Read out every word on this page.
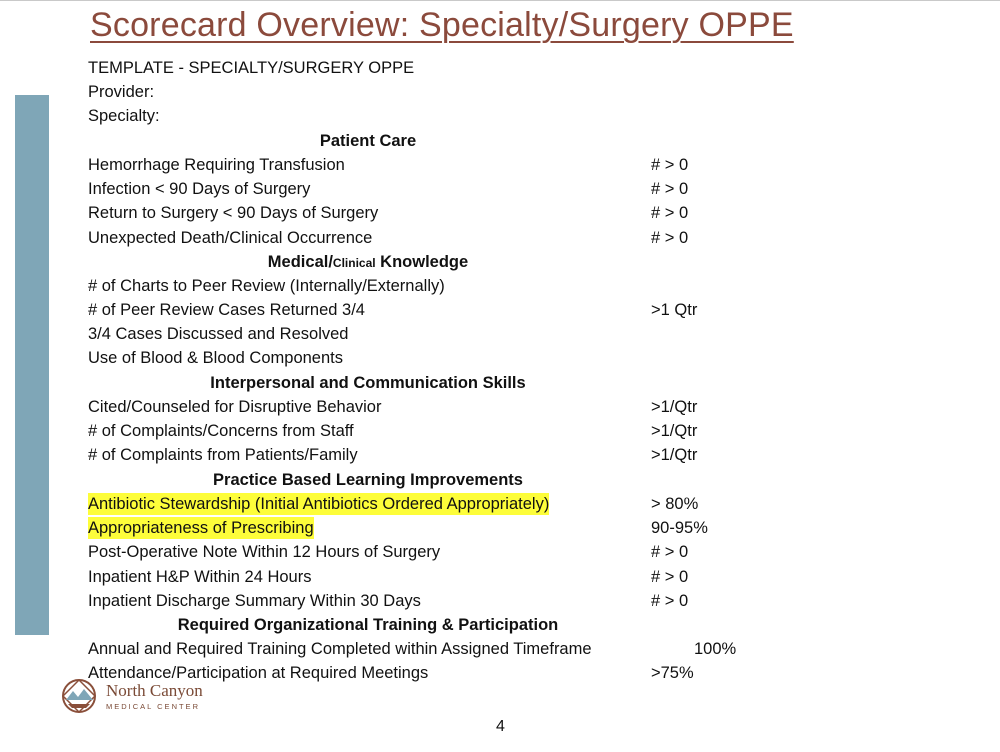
Scorecard Overview: Specialty/Surgery OPPE
TEMPLATE - SPECIALTY/SURGERY OPPE
Provider:
Specialty:
Patient Care
Hemorrhage Requiring Transfusion	# > 0
Infection < 90 Days of Surgery	# > 0
Return to Surgery < 90 Days of Surgery	# > 0
Unexpected Death/Clinical Occurrence	# > 0
Medical/Clinical Knowledge
# of Charts to Peer Review (Internally/Externally)
# of Peer Review Cases Returned 3/4	>1 Qtr
3/4 Cases Discussed and Resolved
Use of Blood & Blood Components
Interpersonal and Communication Skills
Cited/Counseled for Disruptive Behavior	>1/Qtr
# of Complaints/Concerns from Staff	>1/Qtr
# of Complaints from Patients/Family	>1/Qtr
Practice Based Learning Improvements
Antibiotic Stewardship (Initial Antibiotics Ordered Appropriately)	> 80%
Appropriateness of Prescribing	90-95%
Post-Operative Note Within 12 Hours of Surgery	# > 0
Inpatient H&P Within 24 Hours	# > 0
Inpatient Discharge Summary Within 30 Days	# > 0
Required Organizational Training & Participation
Annual and Required Training Completed within Assigned Timeframe	100%
Attendance/Participation at Required Meetings	>75%
North Canyon
MEDICAL CENTER
4
